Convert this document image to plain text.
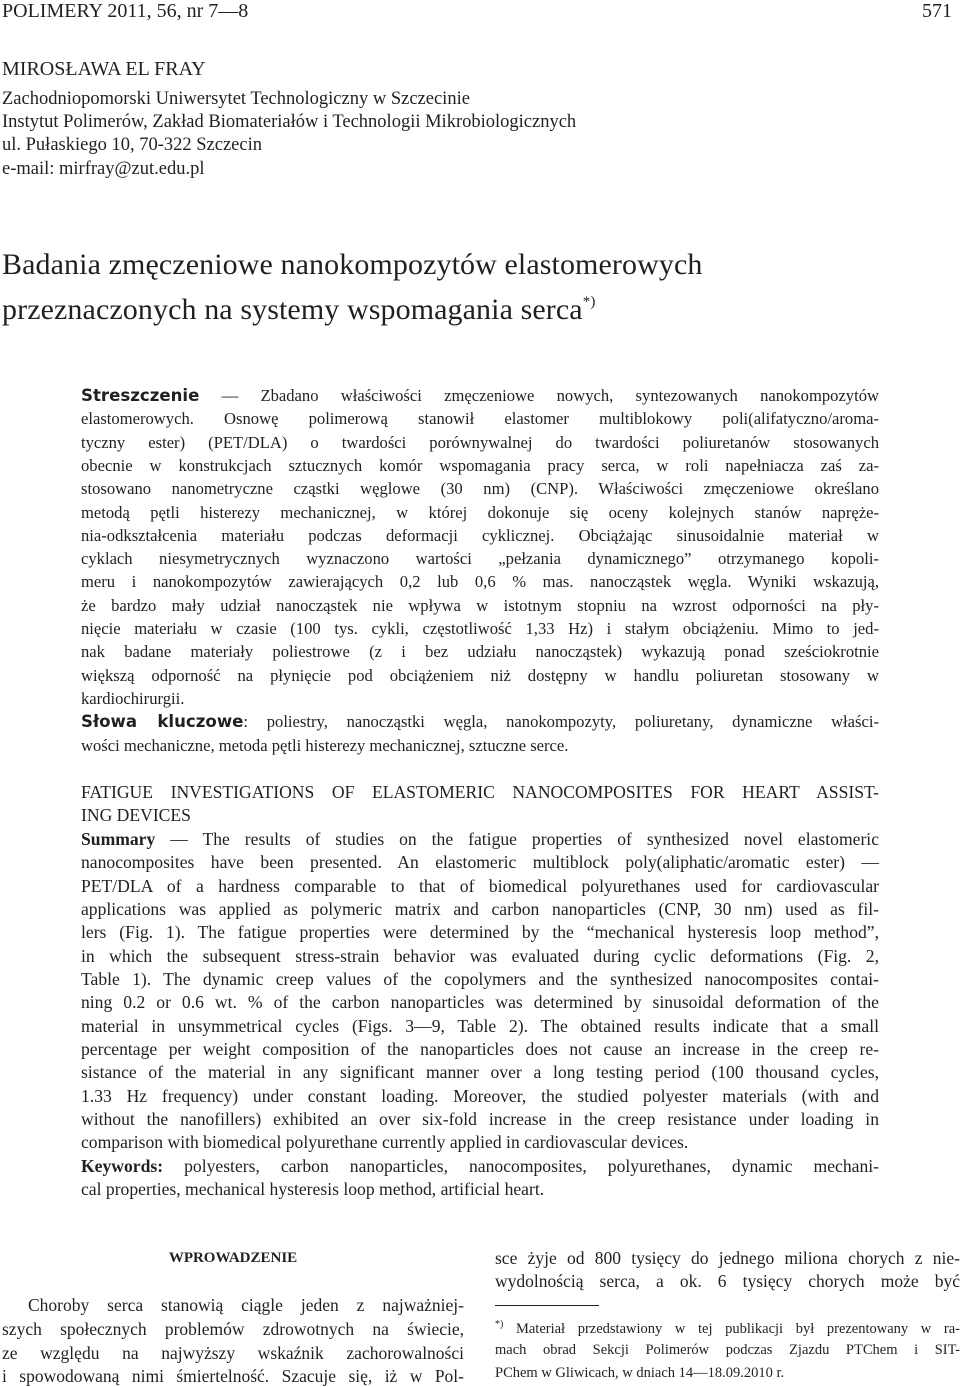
POLIMERY 2011, 56, nr 7—8	571
MIROSŁAWA EL FRAY
Zachodniopomorski Uniwersytet Technologiczny w Szczecinie
Instytut Polimerów, Zakład Biomateriałów i Technologii Mikrobiologicznych
ul. Pułaskiego 10, 70-322 Szczecin
e-mail: mirfray@zut.edu.pl
Badania zmęczeniowe nanokompozytów elastomerowych
przeznaczonych na systemy wspomagania serca*)
Streszczenie — Zbadano właściwości zmęczeniowe nowych, syntezowanych nanokompozytów
elastomerowych. Osnowę polimerową stanowił elastomer multiblokowy poli(alifatyczno/aroma-
tyczny ester) (PET/DLA) o twardości porównywalnej do twardości poliuretanów stosowanych
obecnie w konstrukcjach sztucznych komór wspomagania pracy serca, w roli napełniacza zaś za-
stosowano nanometryczne cząstki węglowe (30 nm) (CNP). Właściwości zmęczeniowe określano
metodą pętli histerezy mechanicznej, w której dokonuje się oceny kolejnych stanów napręże-
nia-odkształcenia materiału podczas deformacji cyklicznej. Obciążając sinusoidalnie materiał w
cyklach niesymetrycznych wyznaczono wartości „pełzania dynamicznego” otrzymanego kopoli-
meru i nanokompozytów zawierających 0,2 lub 0,6 % mas. nanocząstek węgla. Wyniki wskazują,
że bardzo mały udział nanocząstek nie wpływa w istotnym stopniu na wzrost odporności na pły-
nięcie materiału w czasie (100 tys. cykli, częstotliwość 1,33 Hz) i stałym obciążeniu. Mimo to jed-
nak badane materiały poliestrowe (z i bez udziału nanocząstek) wykazują ponad sześciokrotnie
większą odporność na płynięcie pod obciążeniem niż dostępny w handlu poliuretan stosowany w
kardiochirurgii.
Słowa kluczowe: poliestry, nanocząstki węgla, nanokompozyty, poliuretany, dynamiczne właści-
wości mechaniczne, metoda pętli histerezy mechanicznej, sztuczne serce.
FATIGUE INVESTIGATIONS OF ELASTOMERIC NANOCOMPOSITES FOR HEART ASSIST-
ING DEVICES
Summary — The results of studies on the fatigue properties of synthesized novel elastomeric
nanocomposites have been presented. An elastomeric multiblock poly(aliphatic/aromatic ester) —
PET/DLA of a hardness comparable to that of biomedical polyurethanes used for cardiovascular
applications was applied as polymeric matrix and carbon nanoparticles (CNP, 30 nm) used as fil-
lers (Fig. 1). The fatigue properties were determined by the “mechanical hysteresis loop method”,
in which the subsequent stress-strain behavior was evaluated during cyclic deformations (Fig. 2,
Table 1). The dynamic creep values of the copolymers and the synthesized nanocomposites contai-
ning 0.2 or 0.6 wt. % of the carbon nanoparticles was determined by sinusoidal deformation of the
material in unsymmetrical cycles (Figs. 3—9, Table 2). The obtained results indicate that a small
percentage per weight composition of the nanoparticles does not cause an increase in the creep re-
sistance of the material in any significant manner over a long testing period (100 thousand cycles,
1.33 Hz frequency) under constant loading. Moreover, the studied polyester materials (with and
without the nanofillers) exhibited an over six-fold increase in the creep resistance under loading in
comparison with biomedical polyurethane currently applied in cardiovascular devices.
Keywords: polyesters, carbon nanoparticles, nanocomposites, polyurethanes, dynamic mechani-
cal properties, mechanical hysteresis loop method, artificial heart.
WPROWADZENIE
Choroby serca stanowią ciągle jeden z najważniej-
szych społecznych problemów zdrowotnych na świecie,
ze względu na najwyższy wskaźnik zachorowalności
i spowodowaną nimi śmiertelność. Szacuje się, iż w Pol-
sce żyje od 800 tysięcy do jednego miliona chorych z nie-
wydolnością serca, a ok. 6 tysięcy chorych może być
*) Materiał przedstawiony w tej publikacji był prezentowany w ra-
mach obrad Sekcji Polimerów podczas Zjazdu PTChem i SIT-
PChem w Gliwicach, w dniach 14—18.09.2010 r.
